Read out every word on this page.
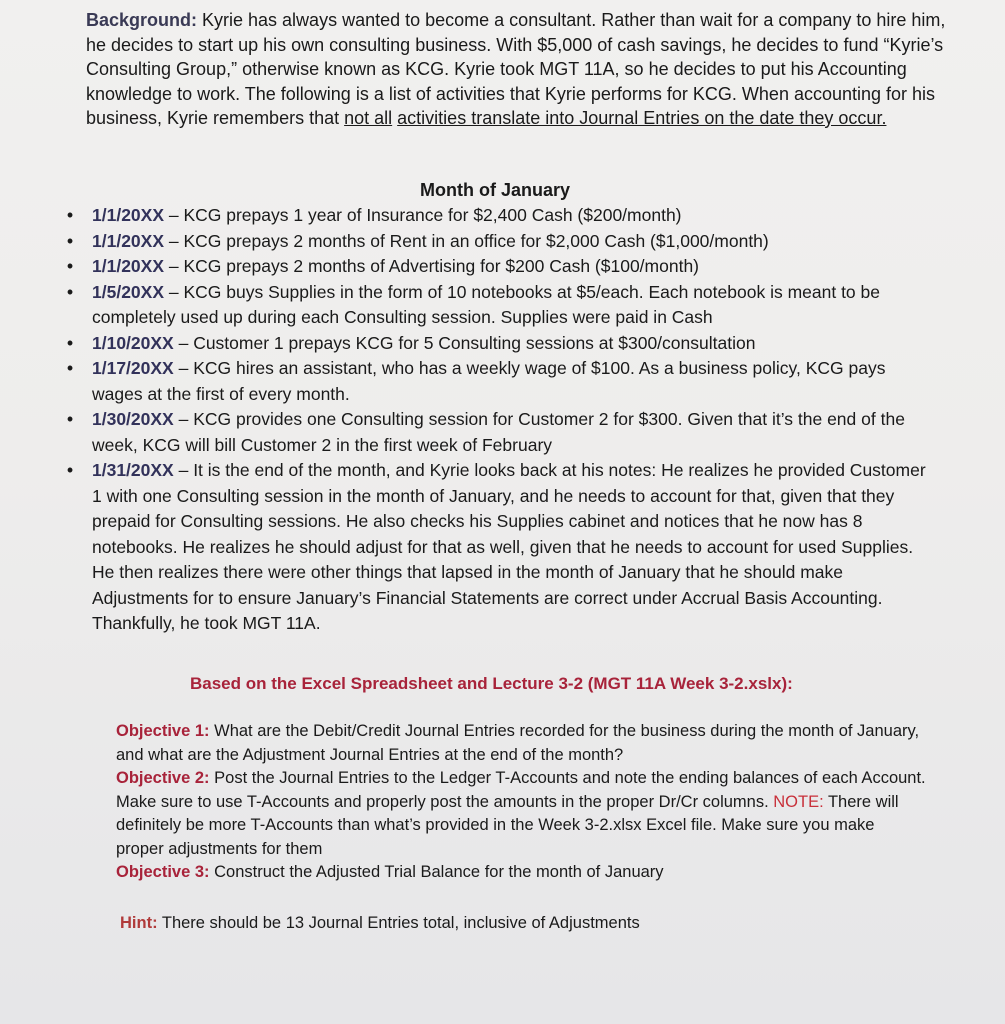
Background: Kyrie has always wanted to become a consultant. Rather than wait for a company to hire him, he decides to start up his own consulting business. With $5,000 of cash savings, he decides to fund “Kyrie’s Consulting Group,” otherwise known as KCG. Kyrie took MGT 11A, so he decides to put his Accounting knowledge to work. The following is a list of activities that Kyrie performs for KCG. When accounting for his business, Kyrie remembers that not all activities translate into Journal Entries on the date they occur.
Month of January
•	1/1/20XX – KCG prepays 1 year of Insurance for $2,400 Cash ($200/month)
•	1/1/20XX – KCG prepays 2 months of Rent in an office for $2,000 Cash ($1,000/month)
•	1/1/20XX – KCG prepays 2 months of Advertising for $200 Cash ($100/month)
•	1/5/20XX – KCG buys Supplies in the form of 10 notebooks at $5/each. Each notebook is meant to be completely used up during each Consulting session. Supplies were paid in Cash
•	1/10/20XX – Customer 1 prepays KCG for 5 Consulting sessions at $300/consultation
•	1/17/20XX – KCG hires an assistant, who has a weekly wage of $100. As a business policy, KCG pays wages at the first of every month.
•	1/30/20XX – KCG provides one Consulting session for Customer 2 for $300. Given that it’s the end of the week, KCG will bill Customer 2 in the first week of February
•	1/31/20XX – It is the end of the month, and Kyrie looks back at his notes: He realizes he provided Customer 1 with one Consulting session in the month of January, and he needs to account for that, given that they prepaid for Consulting sessions. He also checks his Supplies cabinet and notices that he now has 8 notebooks. He realizes he should adjust for that as well, given that he needs to account for used Supplies. He then realizes there were other things that lapsed in the month of January that he should make Adjustments for to ensure January’s Financial Statements are correct under Accrual Basis Accounting. Thankfully, he took MGT 11A.
Based on the Excel Spreadsheet and Lecture 3-2 (MGT 11A Week 3-2.xslx):
Objective 1: What are the Debit/Credit Journal Entries recorded for the business during the month of January, and what are the Adjustment Journal Entries at the end of the month?
Objective 2: Post the Journal Entries to the Ledger T-Accounts and note the ending balances of each Account. Make sure to use T-Accounts and properly post the amounts in the proper Dr/Cr columns. NOTE: There will definitely be more T-Accounts than what’s provided in the Week 3-2.xlsx Excel file. Make sure you make proper adjustments for them
Objective 3: Construct the Adjusted Trial Balance for the month of January
Hint: There should be 13 Journal Entries total, inclusive of Adjustments
